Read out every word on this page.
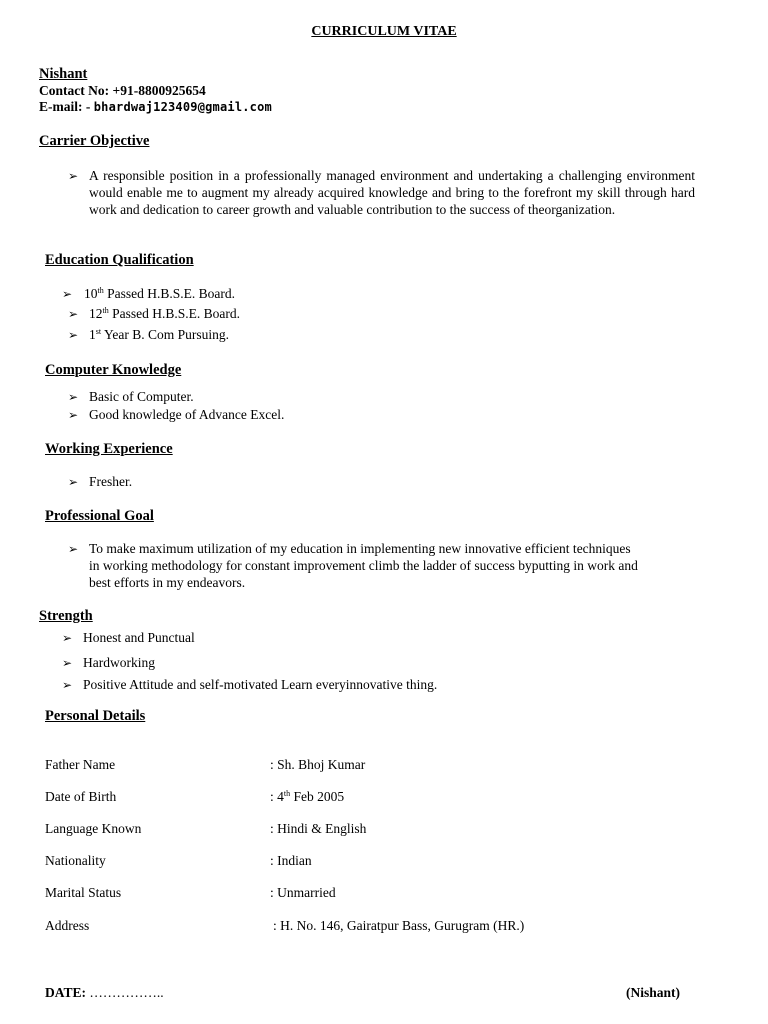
CURRICULUM VITAE
Nishant
Contact No: +91-8800925654
E-mail: - bhardwaj123409@gmail.com
Carrier Objective
➢ A responsible position in a professionally managed environment and undertaking a challenging environment would enable me to augment my already acquired knowledge and bring to the forefront my skill through hard work and dedication to career growth and valuable contribution to the success of theorganization.
Education Qualification
➢ 10th Passed H.B.S.E. Board.
➢ 12th Passed H.B.S.E. Board.
➢ 1st Year B. Com Pursuing.
Computer Knowledge
➢ Basic of Computer.
➢ Good knowledge of Advance Excel.
Working Experience
➢ Fresher.
Professional Goal
➢ To make maximum utilization of my education in implementing new innovative efficient techniques
in working methodology for constant improvement climb the ladder of success byputting in work and
best efforts in my endeavors.
Strength
➢ Honest and Punctual
➢ Hardworking
➢ Positive Attitude and self-motivated Learn everyinnovative thing.
Personal Details
Father Name	: Sh. Bhoj Kumar
Date of Birth	: 4th Feb 2005
Language Known	: Hindi & English
Nationality	: Indian
Marital Status	: Unmarried
Address	: H. No. 146, Gairatpur Bass, Gurugram (HR.)
DATE: ……………..	(Nishant)
